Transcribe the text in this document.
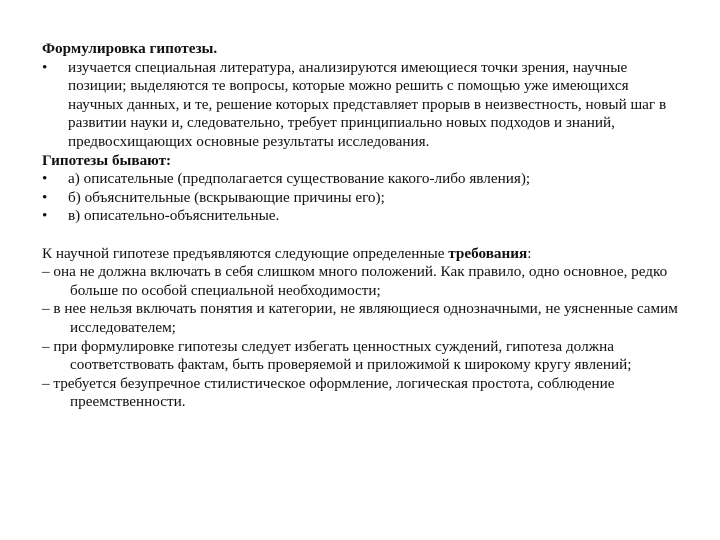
Формулировка гипотезы.

• изучается специальная литература, анализируются имеющиеся точки зрения, научные позиции; выделяются те вопросы, которые можно решить с помощью уже имеющихся научных данных, и те, решение которых представляет прорыв в неизвестность, новый шаг в развитии науки и, следовательно, требует принципиально новых подходов и знаний, предвосхищающих основные результаты исследования.

Гипотезы бывают:

• а) описательные (предполагается существование какого-либо явления);
• б) объяснительные (вскрывающие причины его);
• в) описательно-объяснительные.

К научной гипотезе предъявляются следующие определенные требования:

– она не должна включать в себя слишком много положений. Как правило, одно основное, редко больше по особой специальной необходимости;
– в нее нельзя включать понятия и категории, не являющиеся однозначными, не уясненные самим исследователем;
– при формулировке гипотезы следует избегать ценностных суждений, гипотеза должна соответствовать фактам, быть проверяемой и приложимой к широкому кругу явлений;
– требуется безупречное стилистическое оформление, логическая простота, соблюдение преемственности.
